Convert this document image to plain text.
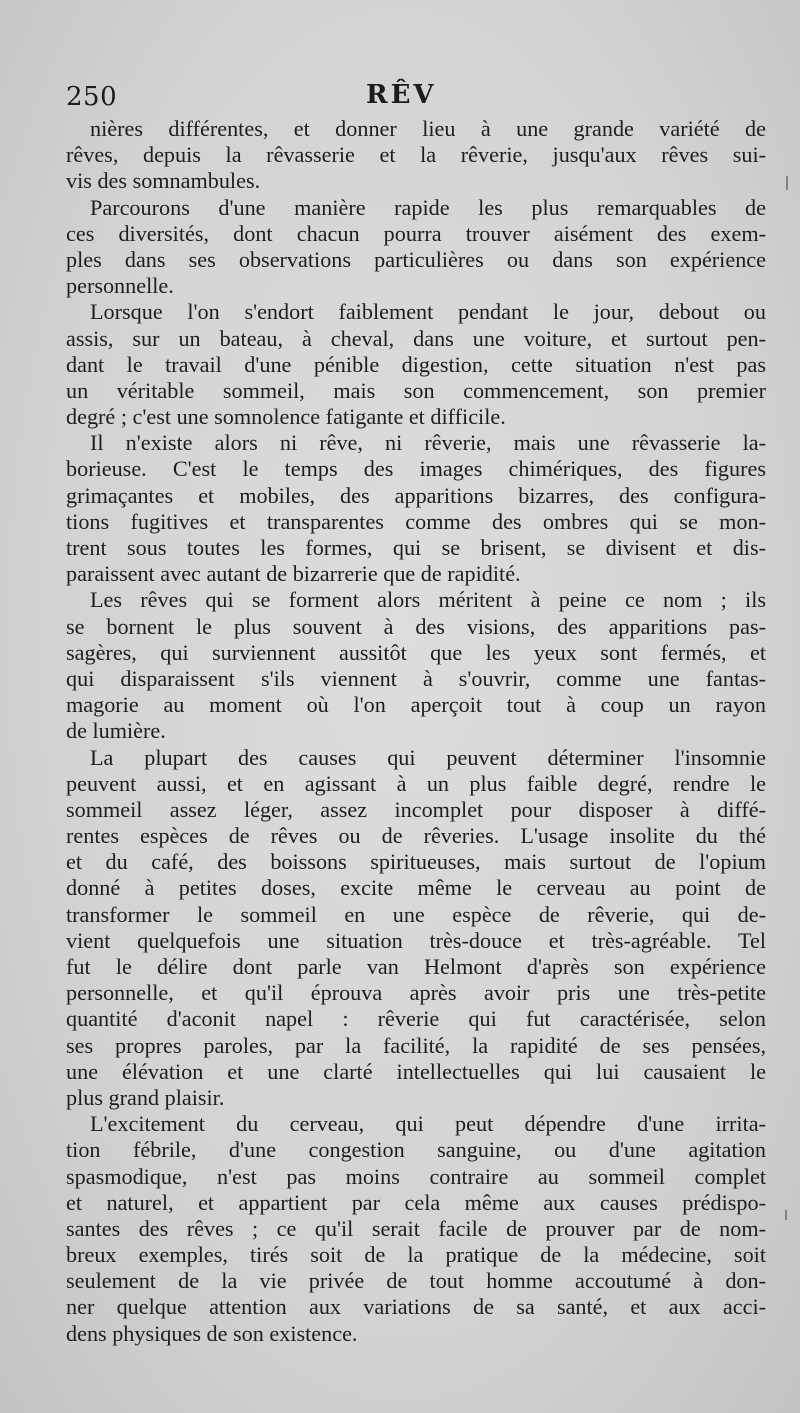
250	RÊV
nières différentes, et donner lieu à une grande variété de
rêves, depuis la rêvasserie et la rêverie, jusqu'aux rêves sui-
vis des somnambules.
Parcourons d'une manière rapide les plus remarquables de
ces diversités, dont chacun pourra trouver aisément des exem-
ples dans ses observations particulières ou dans son expérience
personnelle.
Lorsque l'on s'endort faiblement pendant le jour, debout ou
assis, sur un bateau, à cheval, dans une voiture, et surtout pen-
dant le travail d'une pénible digestion, cette situation n'est pas
un véritable sommeil, mais son commencement, son premier
degré ; c'est une somnolence fatigante et difficile.
Il n'existe alors ni rêve, ni rêverie, mais une rêvasserie la-
borieuse. C'est le temps des images chimériques, des figures
grimaçantes et mobiles, des apparitions bizarres, des configura-
tions fugitives et transparentes comme des ombres qui se mon-
trent sous toutes les formes, qui se brisent, se divisent et dis-
paraissent avec autant de bizarrerie que de rapidité.
Les rêves qui se forment alors méritent à peine ce nom ; ils
se bornent le plus souvent à des visions, des apparitions pas-
sagères, qui surviennent aussitôt que les yeux sont fermés, et
qui disparaissent s'ils viennent à s'ouvrir, comme une fantas-
magorie au moment où l'on aperçoit tout à coup un rayon
de lumière.
La plupart des causes qui peuvent déterminer l'insomnie
peuvent aussi, et en agissant à un plus faible degré, rendre le
sommeil assez léger, assez incomplet pour disposer à diffé-
rentes espèces de rêves ou de rêveries. L'usage insolite du thé
et du café, des boissons spiritueuses, mais surtout de l'opium
donné à petites doses, excite même le cerveau au point de
transformer le sommeil en une espèce de rêverie, qui de-
vient quelquefois une situation très-douce et très-agréable. Tel
fut le délire dont parle van Helmont d'après son expérience
personnelle, et qu'il éprouva après avoir pris une très-petite
quantité d'aconit napel : rêverie qui fut caractérisée, selon
ses propres paroles, par la facilité, la rapidité de ses pensées,
une élévation et une clarté intellectuelles qui lui causaient le
plus grand plaisir.
L'excitement du cerveau, qui peut dépendre d'une irrita-
tion fébrile, d'une congestion sanguine, ou d'une agitation
spasmodique, n'est pas moins contraire au sommeil complet
et naturel, et appartient par cela même aux causes prédispo-
santes des rêves ; ce qu'il serait facile de prouver par de nom-
breux exemples, tirés soit de la pratique de la médecine, soit
seulement de la vie privée de tout homme accoutumé à don-
ner quelque attention aux variations de sa santé, et aux acci-
dens physiques de son existence.
